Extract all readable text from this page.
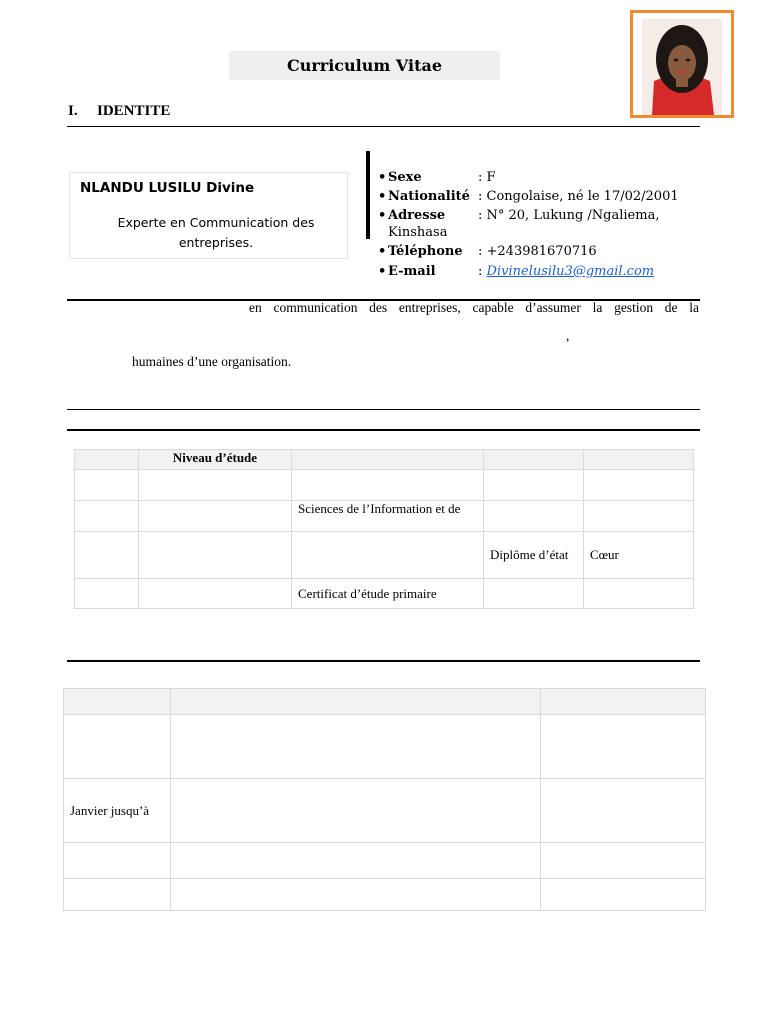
Curriculum Vitae
I. IDENTITE
NLANDU LUSILU Divine
Experte en Communication des entreprises.
• Sexe	: F
• Nationalité : Congolaise, né le 17/02/2001
• Adresse	: N° 20, Lukung /Ngaliema,
Kinshasa
• Téléphone	: +243981670716
• E-mail	: Divinelusilu3@gmail.com
en communication des entreprises, capable d’assumer la gestion de la
,
humaines d’une organisation.
	Niveau d’étude			

		Sciences de l’Information et de		
			Diplôme d’état	Cœur
		Certificat d’étude primaire		

Janvier jusqu’à		
